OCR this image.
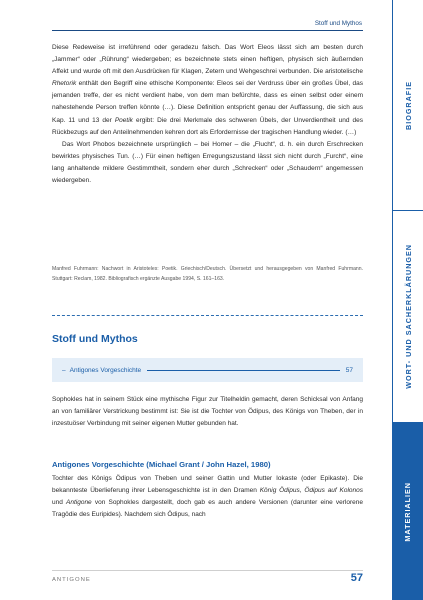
Stoff und Mythos

Diese Redeweise ist irreführend oder geradezu falsch. Das Wort Eleos lässt sich am besten durch „Jammer“ oder „Rührung“ wiedergeben; es bezeichnete stets einen heftigen, physisch sich äußernden Affekt und wurde oft mit den Ausdrücken für Klagen, Zetern und Wehgeschrei verbunden. Die aristotelische Rhetorik enthält den Begriff eine ethische Komponente: Eleos sei der Verdruss über ein großes Übel, das jemanden treffe, der es nicht verdient habe, von dem man befürchte, dass es einen selbst oder einem nahestehende Person treffen könnte (…). Diese Definition entspricht genau der Auffassung, die sich aus Kap. 11 und 13 der Poetik ergibt: Die drei Merkmale des schweren Übels, der Unverdientheit und des Rückbezugs auf den Anteilnehmenden kehren dort als Erfordernisse der tragischen Handlung wieder. (…)

Das Wort Phobos bezeichnete ursprünglich – bei Homer – die „Flucht“, d. h. ein durch Erschrecken bewirktes physisches Tun. (…) Für einen heftigen Erregungszustand lässt sich nicht durch „Furcht“, eine lang anhaltende mildere Gestimmtheit, sondern eher durch „Schrecken“ oder „Schaudern“ angemessen wiedergeben.

Manfred Fuhrmann: Nachwort in Aristoteles: Poetik. Griechisch/Deutsch. Übersetzt und herausgegeben von Manfred Fuhrmann. Stuttgart: Reclam, 1982. Bibliografisch ergänzte Ausgabe 1994, S. 161–163.
Stoff und Mythos
– Antigones Vorgeschichte	57

Sophokles hat in seinem Stück eine mythische Figur zur Titelheldin gemacht, deren Schicksal von Anfang an von familiärer Verstrickung bestimmt ist: Sie ist die Tochter von Ödipus, des Königs von Theben, der in inzestuöser Verbindung mit seiner eigenen Mutter gebunden hat.

Antigones Vorgeschichte (Michael Grant / John Hazel, 1980)

Tochter des Königs Ödipus von Theben und seiner Gattin und Mutter Iokaste (oder Epikaste). Die bekannteste Überlieferung ihrer Lebensgeschichte ist in den Dramen König Ödipus, Ödipus auf Kolonos und Antigone von Sophokles dargestellt, doch gab es auch andere Versionen (darunter eine verlorene Tragödie des Euripides). Nachdem sich Ödipus, nach

ANTIGONE	57
BIOGRAFIE
WORT- UND SACHERKLÄRUNGEN
MATERIALIEN
